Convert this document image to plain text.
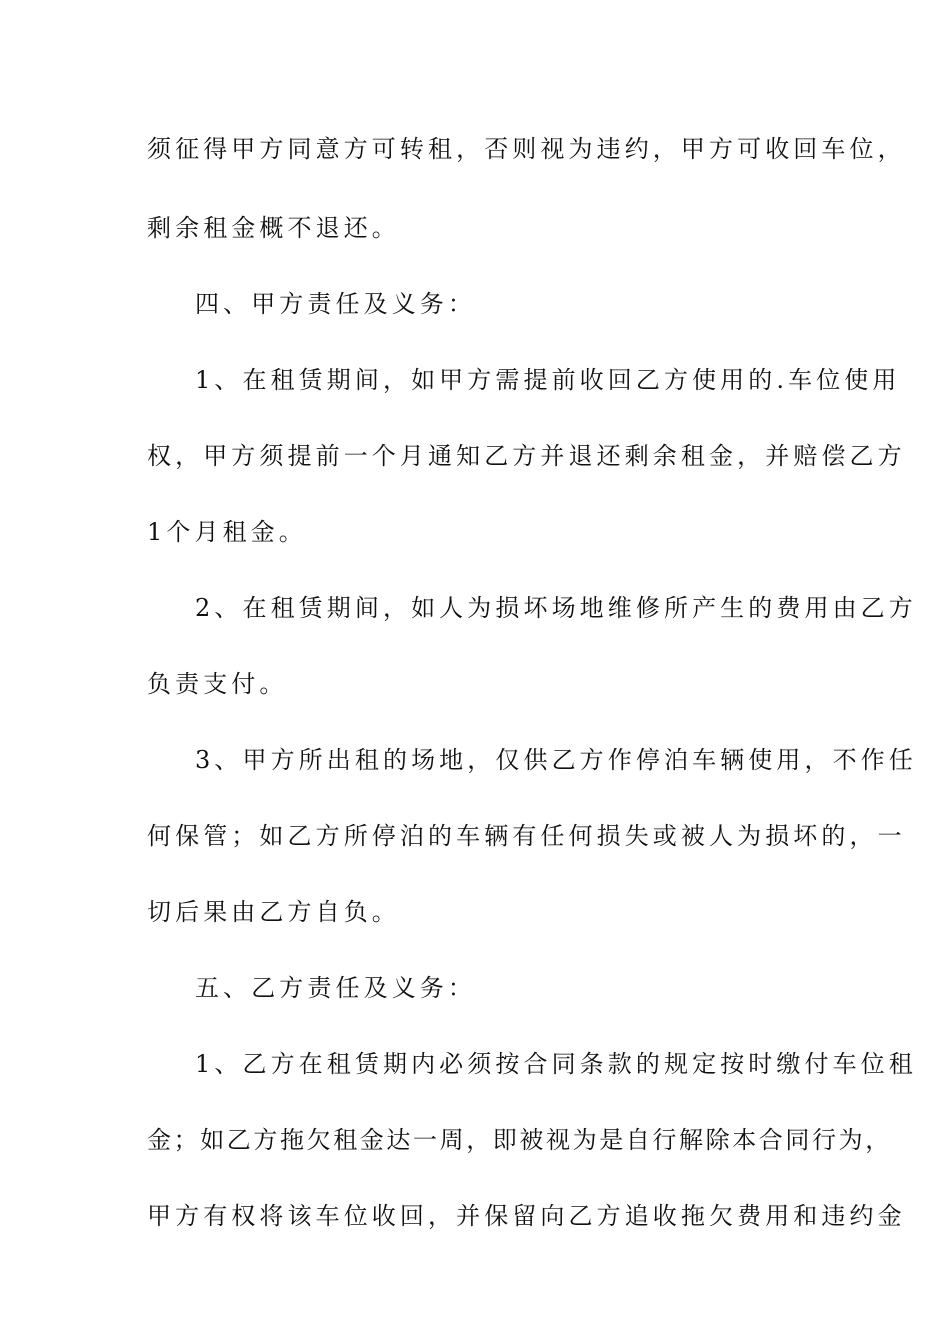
须征得甲方同意方可转租，否则视为违约，甲方可收回车位，
剩余租金概不退还。
四、甲方责任及义务：
1、在租赁期间，如甲方需提前收回乙方使用的.车位使用
权，甲方须提前一个月通知乙方并退还剩余租金，并赔偿乙方
1个月租金。
2、在租赁期间，如人为损坏场地维修所产生的费用由乙方
负责支付。
3、甲方所出租的场地，仅供乙方作停泊车辆使用，不作任
何保管；如乙方所停泊的车辆有任何损失或被人为损坏的，一
切后果由乙方自负。
五、乙方责任及义务：
1、乙方在租赁期内必须按合同条款的规定按时缴付车位租
金；如乙方拖欠租金达一周，即被视为是自行解除本合同行为，
甲方有权将该车位收回，并保留向乙方追收拖欠费用和违约金
